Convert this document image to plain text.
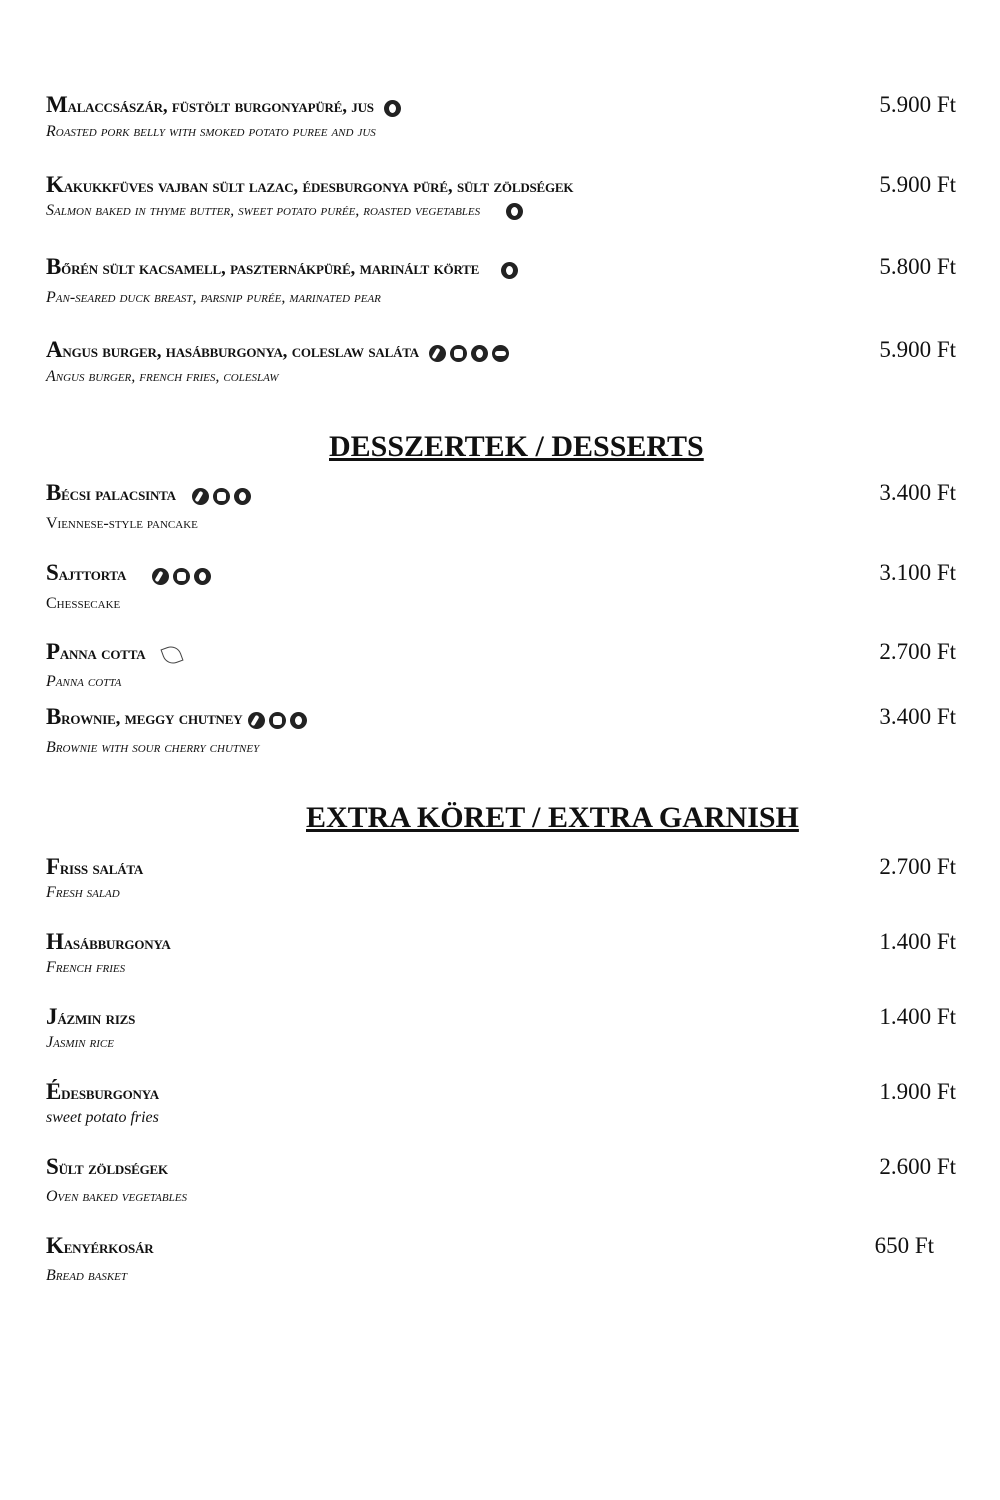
Malaccsászár, füstölt burgonyapüré, jus
Roasted pork belly with smoked potato puree and jus
5.900 Ft
Kakukkfüves vajban sült lazac, édesburgonya püré, sült zöldségek
Salmon baked in thyme butter, sweet potato purée, roasted vegetables
5.900 Ft
Bőrén sült kacsamell, paszternákpüré, marinált körte
Pan-seared duck breast, parsnip purée, marinated pear
5.800 Ft
Angus burger, hasábburgonya, coleslaw saláta
Angus burger, french fries, coleslaw
5.900 Ft
DESSZERTEK / DESSERTS
Bécsi palacsinta
Viennese-style pancake
3.400 Ft
Sajttorta
Chessecake
3.100 Ft
Panna cotta
Panna cotta
2.700 Ft
Brownie, meggy chutney
Brownie with sour cherry chutney
3.400 Ft
EXTRA KÖRET / EXTRA GARNISH
Friss saláta
Fresh salad
2.700 Ft
Hasábburgonya
French fries
1.400 Ft
Jázmin rizs
Jasmin rice
1.400 Ft
Édesburgonya
sweet potato fries
1.900 Ft
Sült zöldségek
Oven baked vegetables
2.600 Ft
Kenyérkosár
Bread basket
650 Ft
